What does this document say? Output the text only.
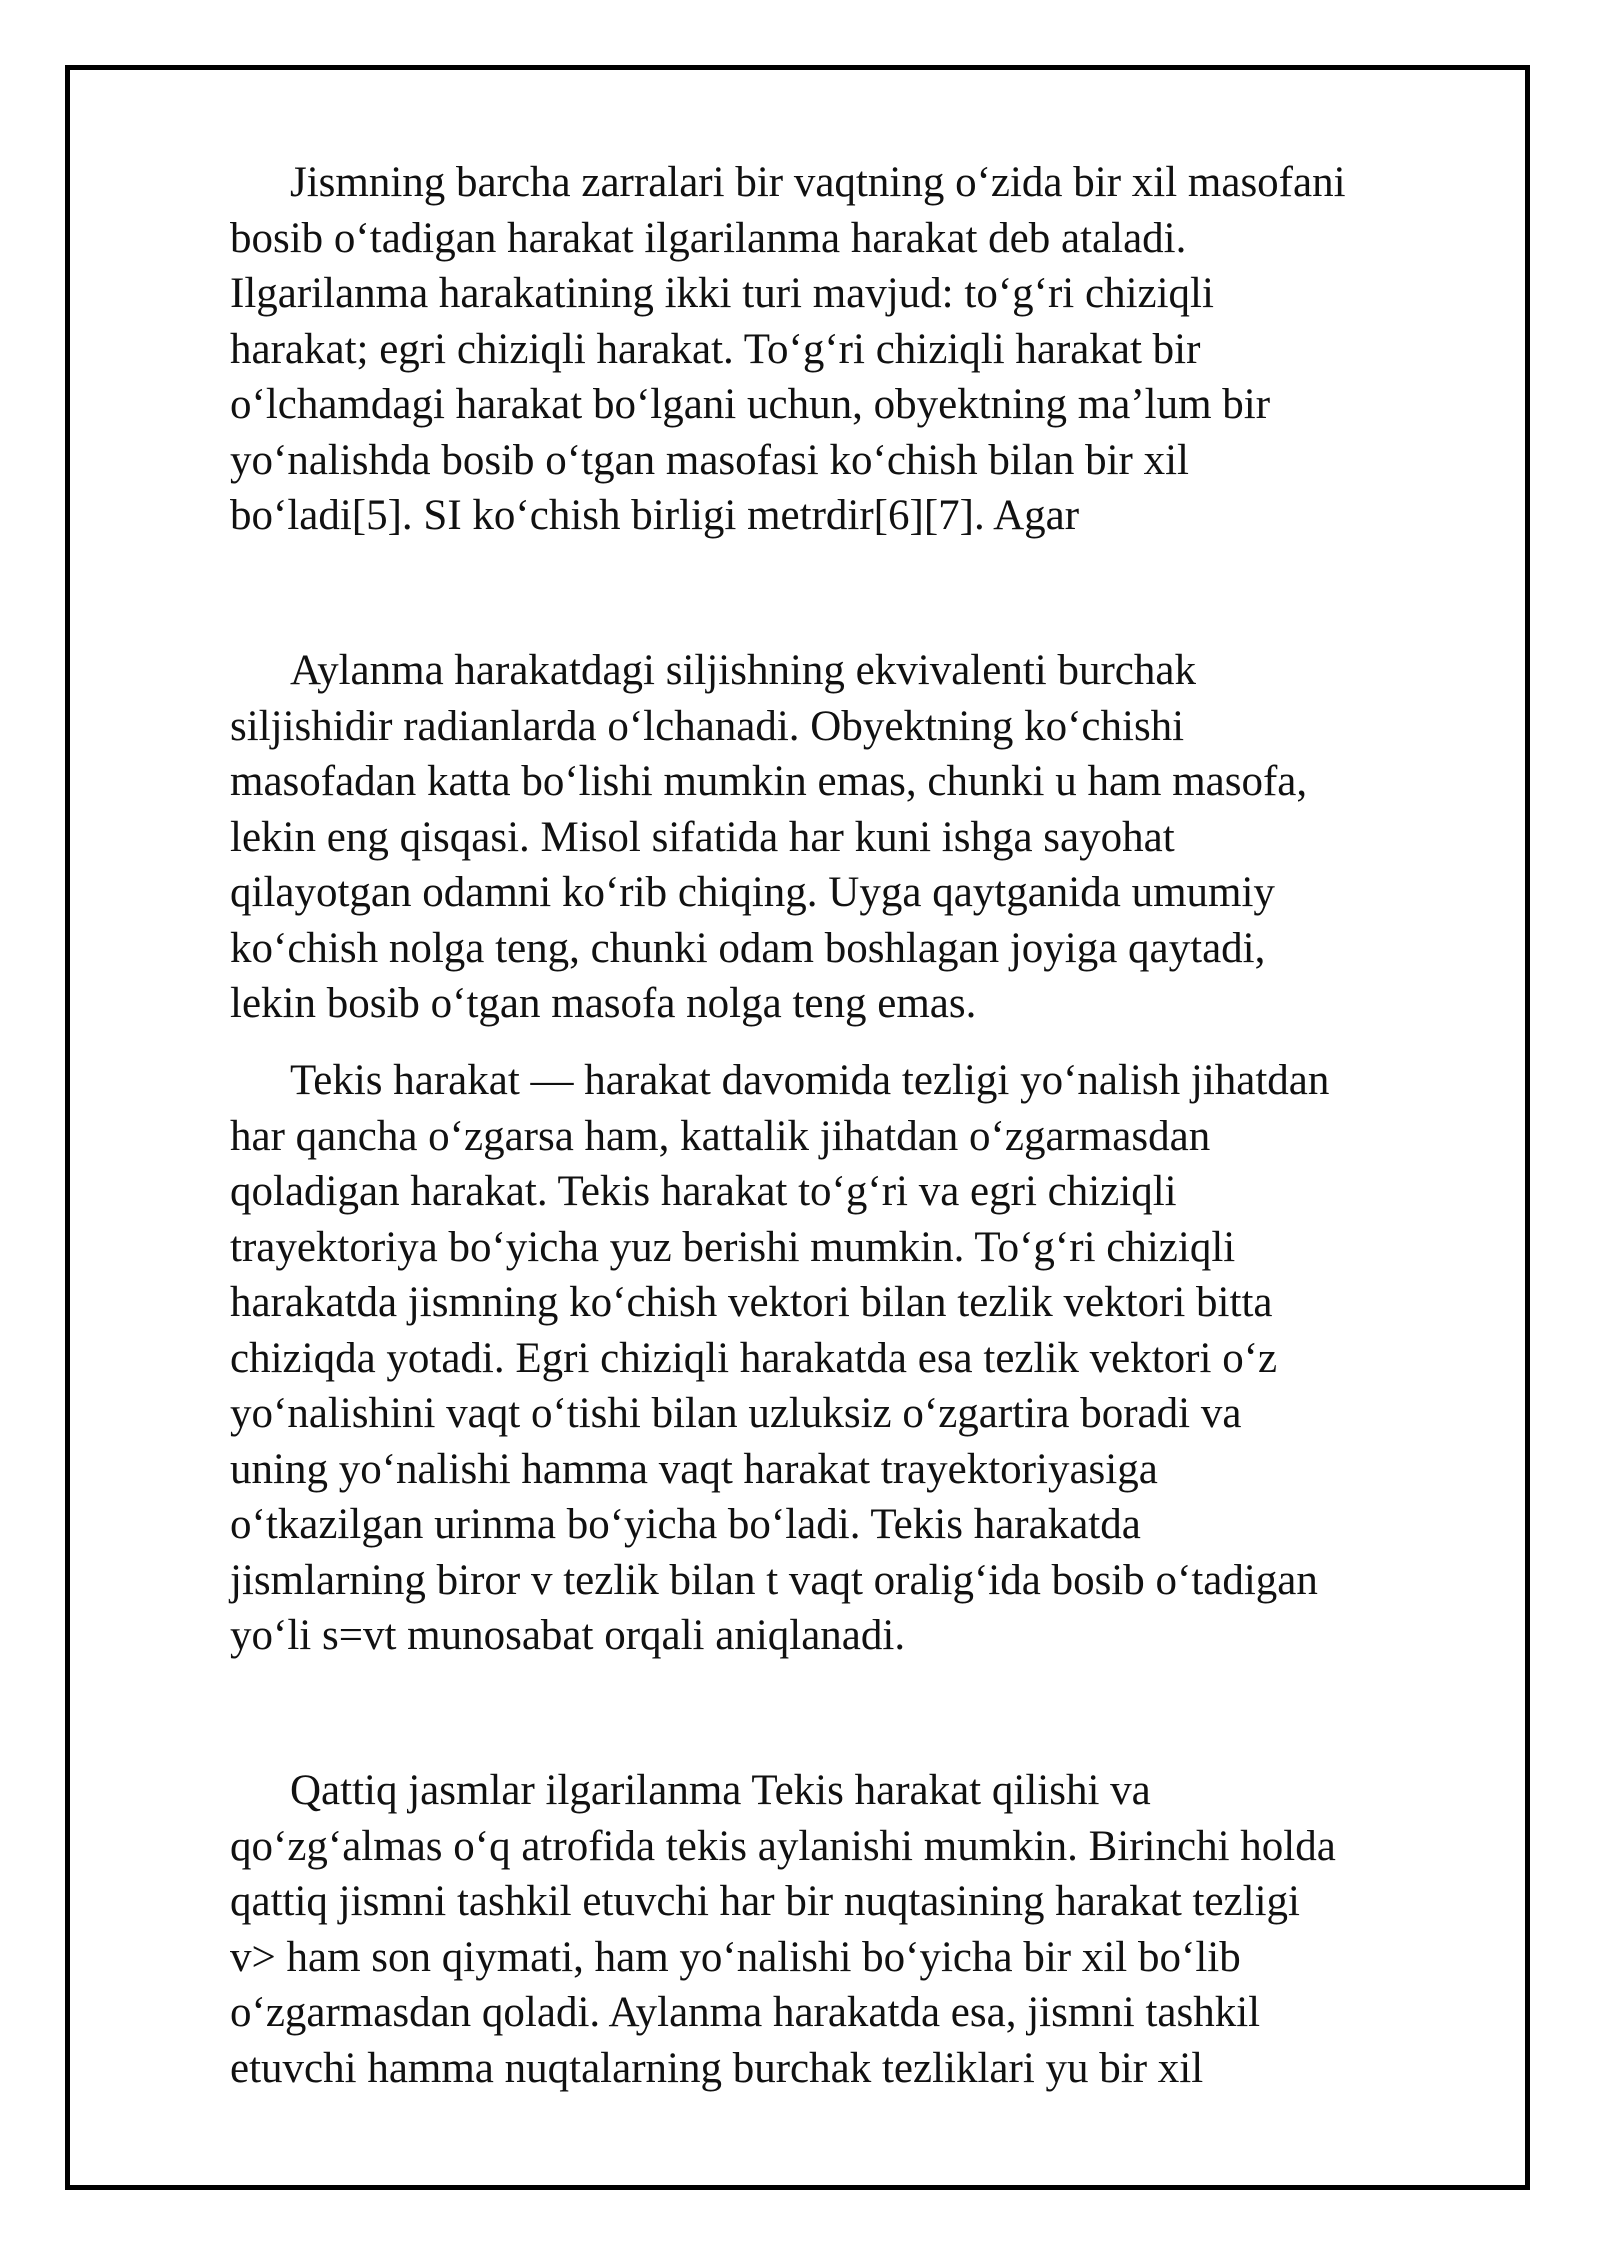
Jismning barcha zarralari bir vaqtning oʻzida bir xil masofani
bosib oʻtadigan harakat ilgarilanma harakat deb ataladi.
Ilgarilanma harakatining ikki turi mavjud: toʻgʻri chiziqli
harakat; egri chiziqli harakat. Toʻgʻri chiziqli harakat bir
oʻlchamdagi harakat boʻlgani uchun, obyektning maʼlum bir
yoʻnalishda bosib oʻtgan masofasi koʻchish bilan bir xil
boʻladi[5]. SI koʻchish birligi metrdir[6][7]. Agar

Aylanma harakatdagi siljishning ekvivalenti burchak
siljishidir radianlarda oʻlchanadi. Obyektning koʻchishi
masofadan katta boʻlishi mumkin emas, chunki u ham masofa,
lekin eng qisqasi. Misol sifatida har kuni ishga sayohat
qilayotgan odamni koʻrib chiqing. Uyga qaytganida umumiy
koʻchish nolga teng, chunki odam boshlagan joyiga qaytadi,
lekin bosib oʻtgan masofa nolga teng emas.

Tekis harakat — harakat davomida tezligi yoʻnalish jihatdan
har qancha oʻzgarsa ham, kattalik jihatdan oʻzgarmasdan
qoladigan harakat. Tekis harakat toʻgʻri va egri chiziqli
trayektoriya boʻyicha yuz berishi mumkin. Toʻgʻri chiziqli
harakatda jismning koʻchish vektori bilan tezlik vektori bitta
chiziqda yotadi. Egri chiziqli harakatda esa tezlik vektori oʻz
yoʻnalishini vaqt oʻtishi bilan uzluksiz oʻzgartira boradi va
uning yoʻnalishi hamma vaqt harakat trayektoriyasiga
oʻtkazilgan urinma boʻyicha boʻladi. Tekis harakatda
jismlarning biror v tezlik bilan t vaqt oraligʻida bosib oʻtadigan
yoʻli s=vt munosabat orqali aniqlanadi.

Qattiq jasmlar ilgarilanma Tekis harakat qilishi va
qoʻzgʻalmas oʻq atrofida tekis aylanishi mumkin. Birinchi holda
qattiq jismni tashkil etuvchi har bir nuqtasining harakat tezligi
v> ham son qiymati, ham yoʻnalishi boʻyicha bir xil boʻlib
oʻzgarmasdan qoladi. Aylanma harakatda esa, jismni tashkil
etuvchi hamma nuqtalarning burchak tezliklari yu bir xil
